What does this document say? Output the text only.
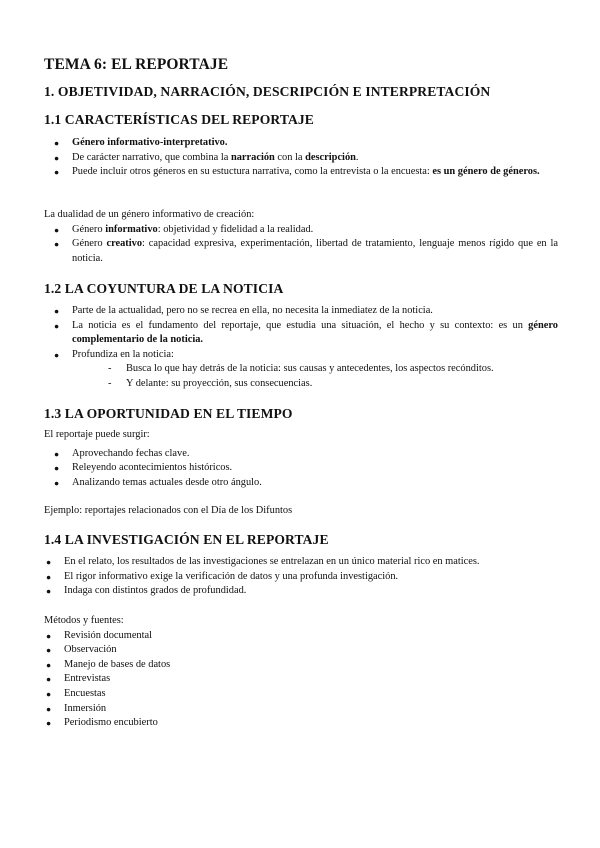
TEMA 6: EL REPORTAJE
1. OBJETIVIDAD, NARRACIÓN, DESCRIPCIÓN E INTERPRETACIÓN
1.1 CARACTERÍSTICAS DEL REPORTAJE
● Género informativo-interpretativo.
● De carácter narrativo, que combina la narración con la descripción.
● Puede incluir otros géneros en su estuctura narrativa, como la entrevista o la encuesta: es un género de géneros.

La dualidad de un género informativo de creación:

● Género informativo: objetividad y fidelidad a la realidad.
● Género creativo: capacidad expresiva, experimentación, libertad de tratamiento, lenguaje menos rígido que en la noticia.
1.2 LA COYUNTURA DE LA NOTICIA
● Parte de la actualidad, pero no se recrea en ella, no necesita la inmediatez de la noticia.
● La noticia es el fundamento del reportaje, que estudia una situación, el hecho y su contexto: es un género complementario de la noticia.
● Profundiza en la noticia:
- Busca lo que hay detrás de la noticia: sus causas y antecedentes, los aspectos recónditos.
- Y delante: su proyección, sus consecuencias.
1.3 LA OPORTUNIDAD EN EL TIEMPO

El reportaje puede surgir:

● Aprovechando fechas clave.
● Releyendo acontecimientos históricos.
● Analizando temas actuales desde otro ángulo.

Ejemplo: reportajes relacionados con el Día de los Difuntos

1.4 LA INVESTIGACIÓN EN EL REPORTAJE
● En el relato, los resultados de las investigaciones se entrelazan en un único material rico en matices.
● El rigor informativo exige la verificación de datos y una profunda investigación.
● Indaga con distintos grados de profundidad.

Métodos y fuentes:

● Revisión documental
● Observación
● Manejo de bases de datos
● Entrevistas
● Encuestas
● Inmersión
● Periodismo encubierto
